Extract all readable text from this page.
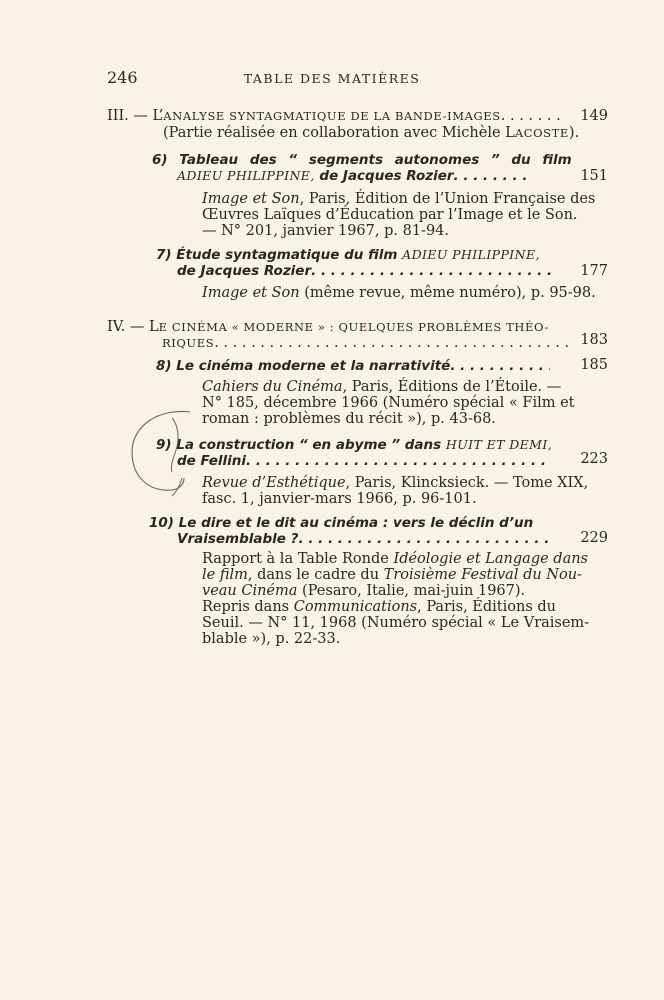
246	TABLE DES MATIÈRES
III. — L’ANALYSE SYNTAGMATIQUE DE LA BANDE-IMAGES . . .	149
(Partie réalisée en collaboration avec Michèle LACOSTE).
6) Tableau des “ segments autonomes ” du film
ADIEU PHILIPPINE, de Jacques Rozier . . .	151
Image et Son, Paris, Édition de l’Union Française des
Œuvres Laïques d’Éducation par l’Image et le Son.
— N° 201, janvier 1967, p. 81-94.
7) Étude syntagmatique du film ADIEU PHILIPPINE,
de Jacques Rozier . . .	177
Image et Son (même revue, même numéro), p. 95-98.
IV. — LE CINÉMA « MODERNE » : QUELQUES PROBLÈMES THÉO-
RIQUES . . .	183
8) Le cinéma moderne et la narrativité . . .	185
Cahiers du Cinéma, Paris, Éditions de l’Étoile. —
N° 185, décembre 1966 (Numéro spécial « Film et
roman : problèmes du récit »), p. 43-68.
9) La construction “ en abyme ” dans HUIT ET DEMI,
de Fellini . . .	223
Revue d’Esthétique, Paris, Klincksieck. — Tome XIX,
fasc. 1, janvier-mars 1966, p. 96-101.
10) Le dire et le dit au cinéma : vers le déclin d’un
Vraisemblable ? . . .	229
Rapport à la Table Ronde Idéologie et Langage dans
le film, dans le cadre du Troisième Festival du Nou-
veau Cinéma (Pesaro, Italie, mai-juin 1967).
Repris dans Communications, Paris, Éditions du
Seuil. — N° 11, 1968 (Numéro spécial « Le Vraisem-
blable »), p. 22-33.
